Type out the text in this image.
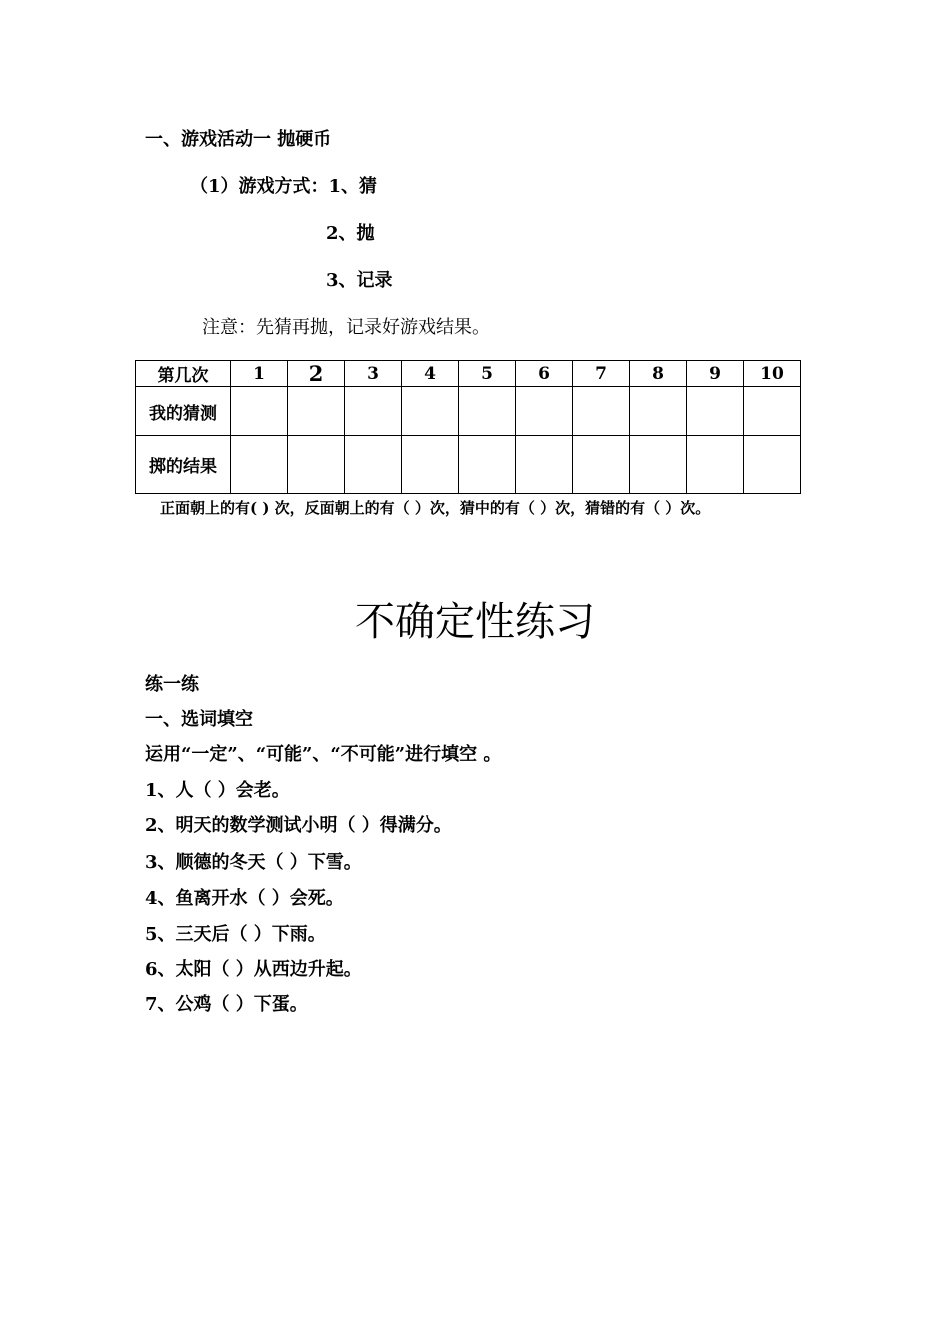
一、游戏活动一 抛硬币
（1）游戏方式：1、猜
2、抛
3、记录
注意：先猜再抛，记录好游戏结果。
第几次	1	2	3	4	5	6	7	8	9	10
我的猜测										
掷的结果										
正面朝上的有( ) 次，反面朝上的有（ ）次，猜中的有（ ）次，猜错的有（ ）次。
不确定性练习
练一练
一、选词填空
运用“一定”、“可能”、“不可能”进行填空 。
1、人（ ）会老。
2、明天的数学测试小明（ ）得满分。
3、顺德的冬天（ ）下雪。
4、鱼离开水（ ）会死。
5、三天后（ ）下雨。
6、太阳（ ）从西边升起。
7、公鸡（ ）下蛋。
